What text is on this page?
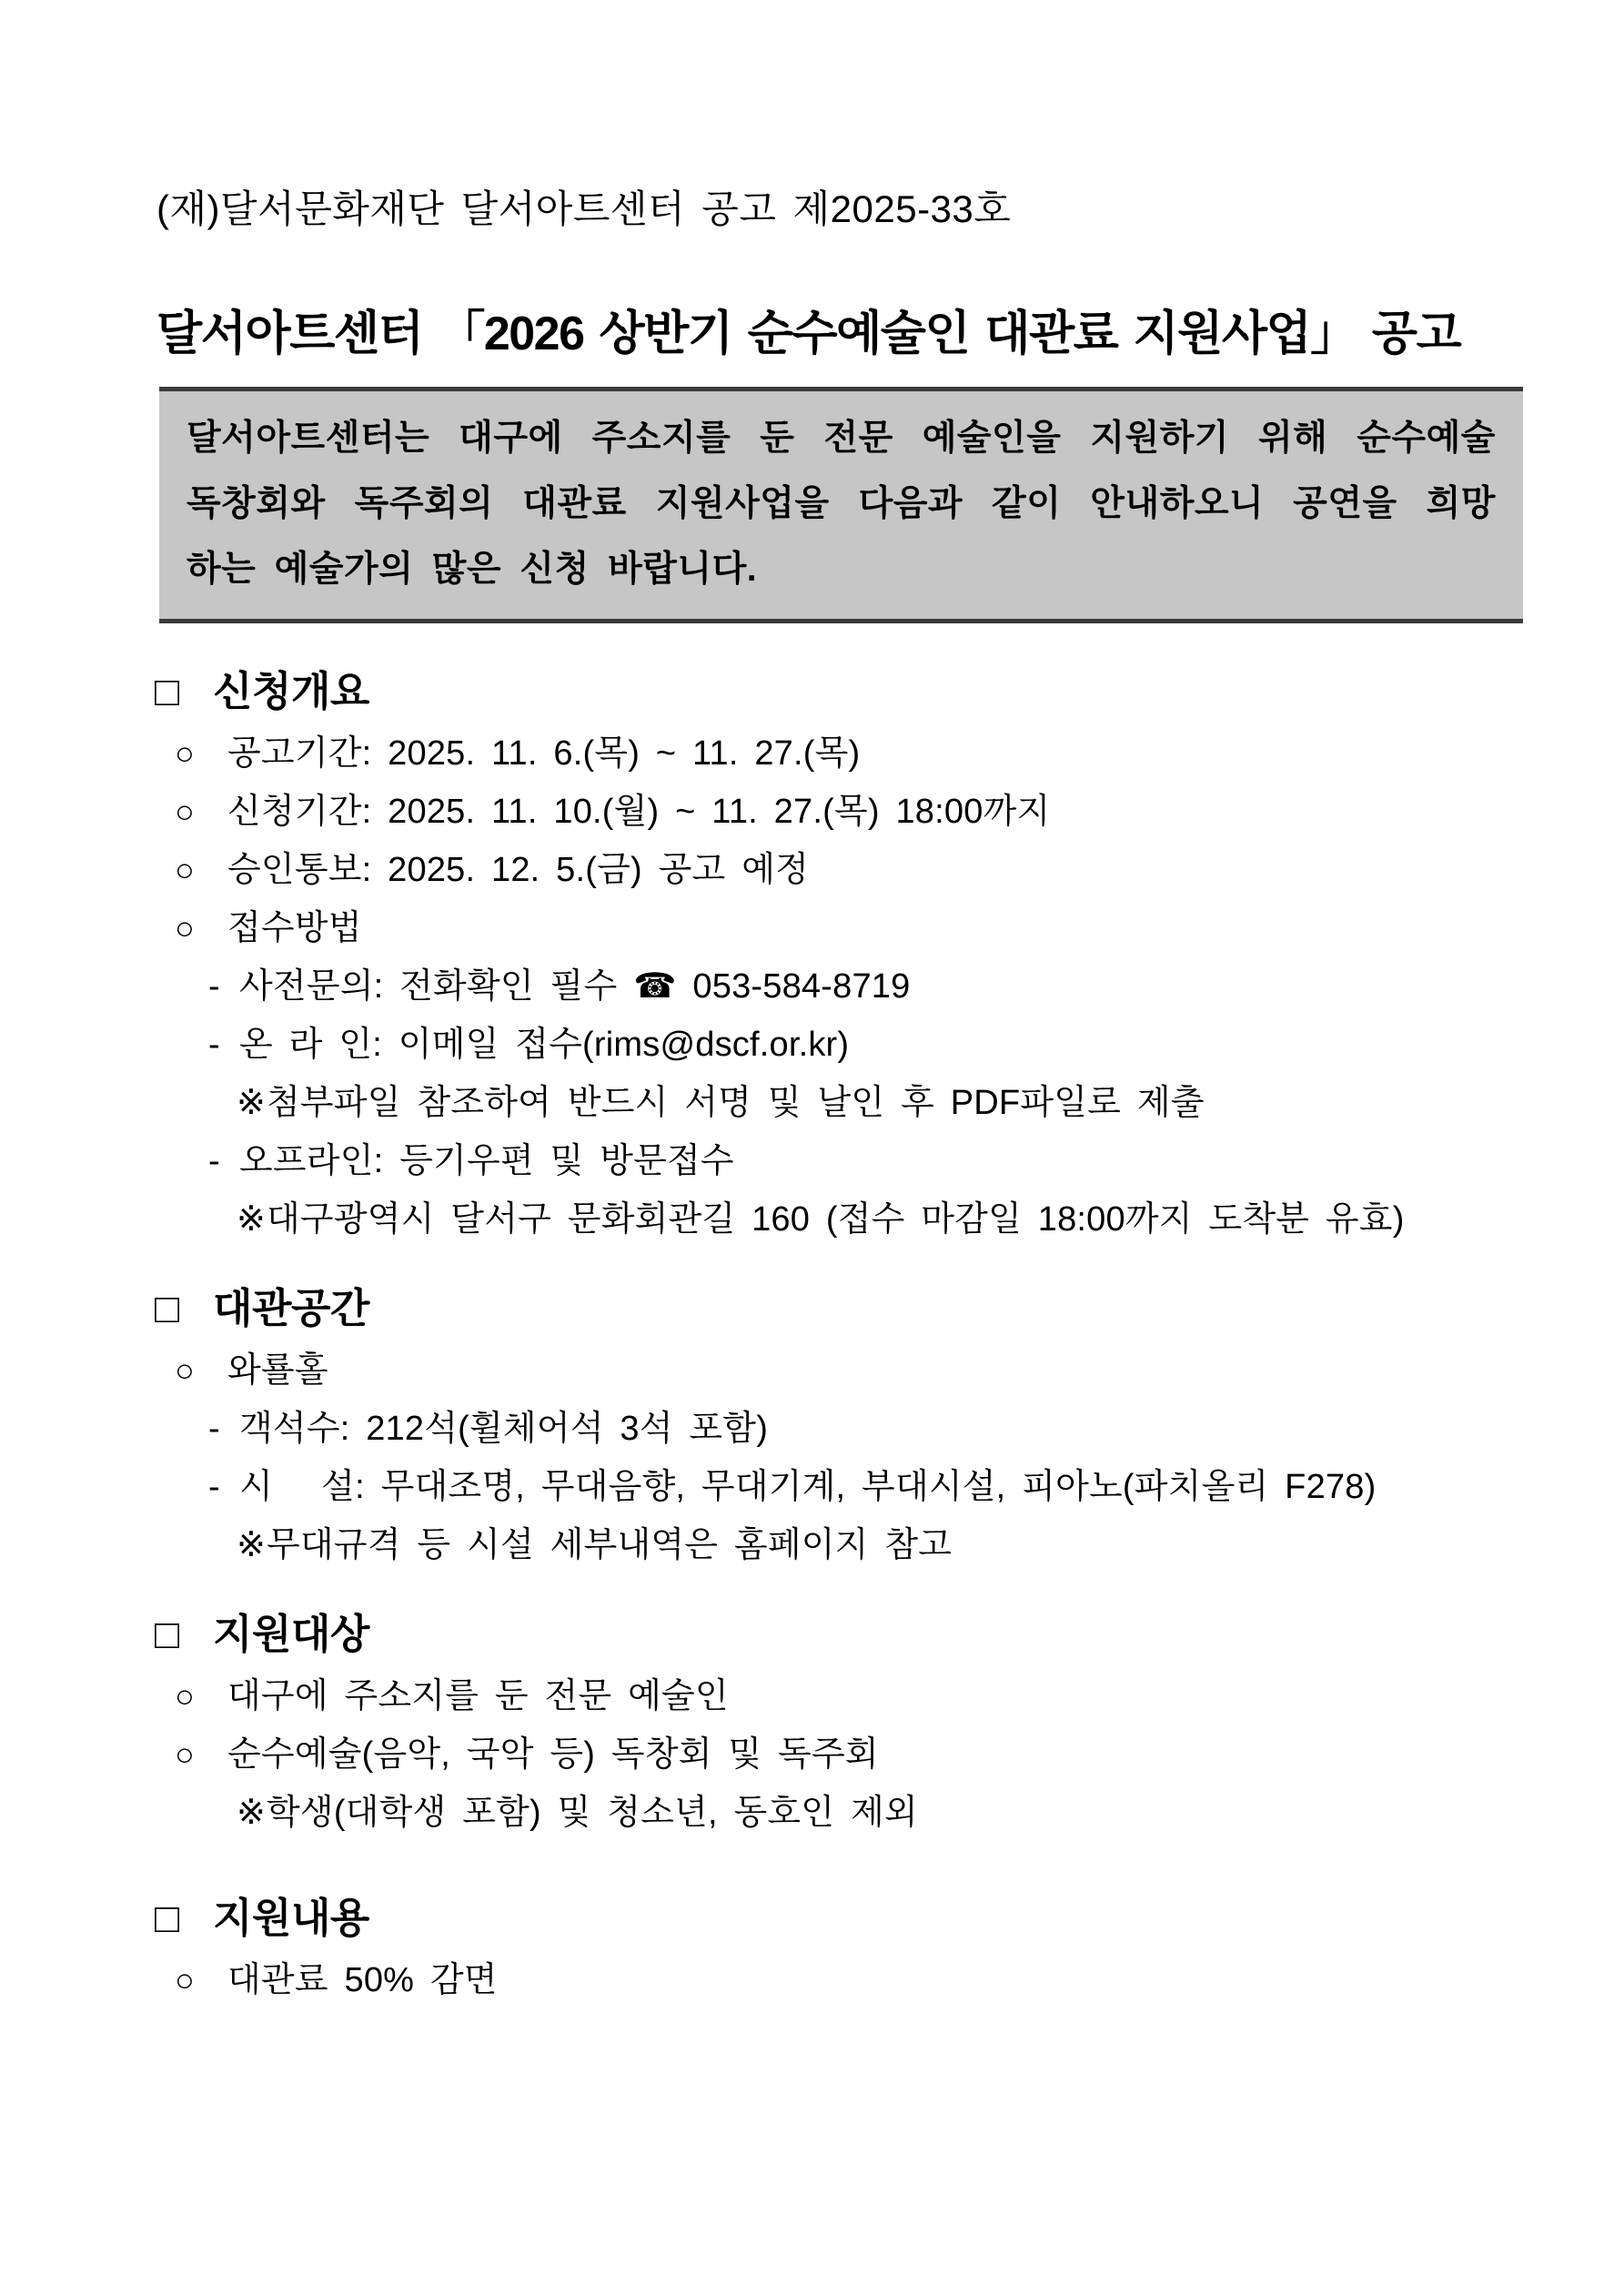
(재)달서문화재단 달서아트센터 공고 제2025-33호
달서아트센터 「2026 상반기 순수예술인 대관료 지원사업」 공고

달서아트센터는 대구에 주소지를 둔 전문 예술인을 지원하기 위해 순수예술

독창회와 독주회의 대관료 지원사업을 다음과 같이 안내하오니 공연을 희망

하는 예술가의 많은 신청 바랍니다.

□ 신청개요
○ 공고기간: 2025. 11. 6.(목) ~ 11. 27.(목)
○ 신청기간: 2025. 11. 10.(월) ~ 11. 27.(목) 18:00까지
○ 승인통보: 2025. 12. 5.(금) 공고 예정
○ 접수방법
- 사전문의: 전화확인 필수 ☎ 053-584-8719
- 온 라 인: 이메일 접수(rims@dscf.or.kr)
※ 첨부파일 참조하여 반드시 서명 및 날인 후 PDF파일로 제출
- 오프라인: 등기우편 및 방문접수
※ 대구광역시 달서구 문화회관길 160 (접수 마감일 18:00까지 도착분 유효)
□ 대관공간
○ 와룔홀
- 객석수: 212석(휠체어석 3석 포함)
- 시   설: 무대조명, 무대음향, 무대기계, 부대시설, 피아노(파치올리 F278)
※ 무대규격 등 시설 세부내역은 홈페이지 참고
□ 지원대상
○ 대구에 주소지를 둔 전문 예술인
○ 순수예술(음악, 국악 등) 독창회 및 독주회
※ 학생(대학생 포함) 및 청소년, 동호인 제외
□ 지원내용
○ 대관료 50% 감면
